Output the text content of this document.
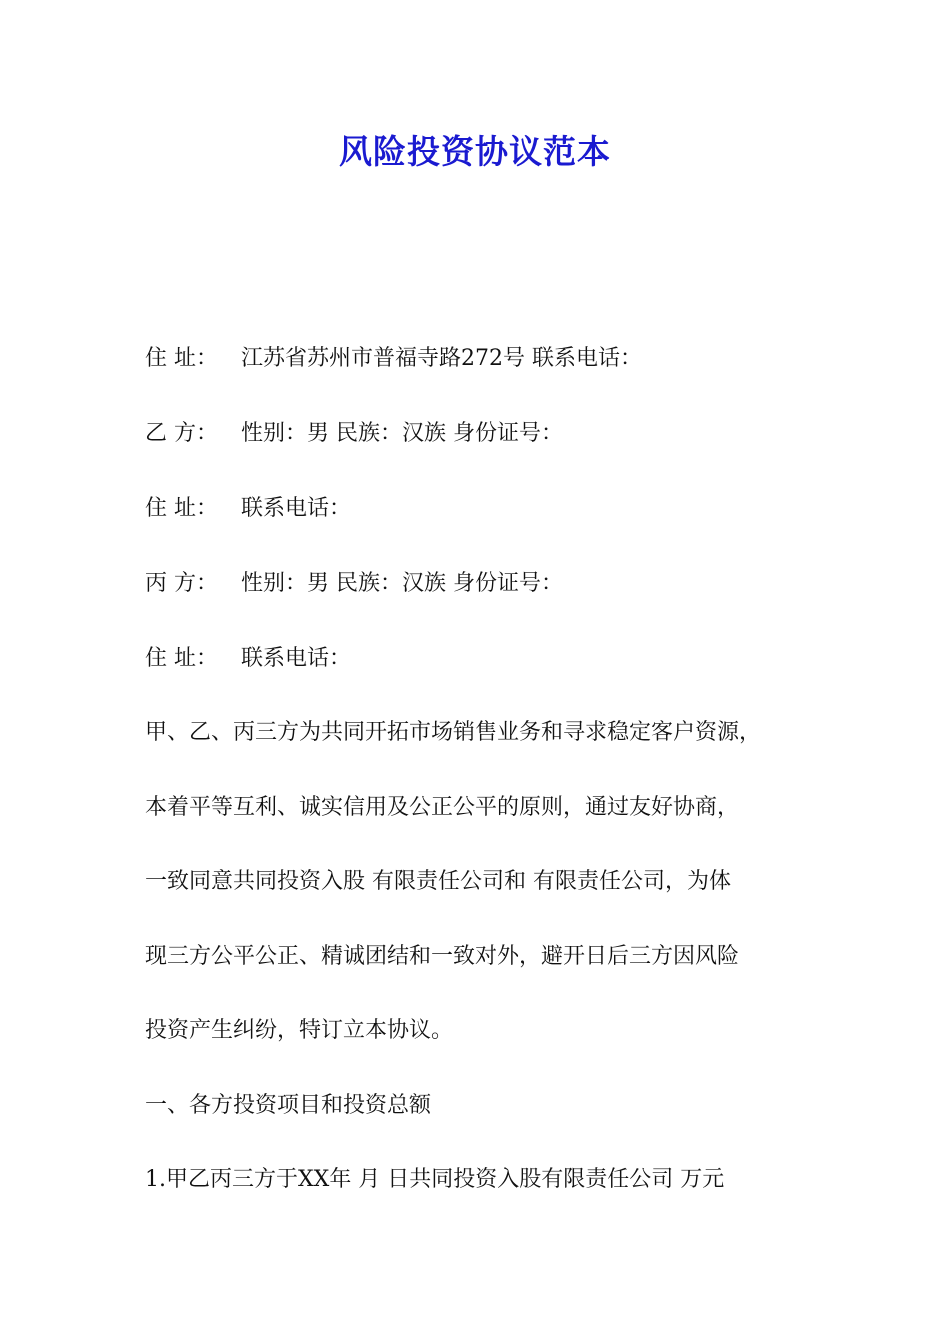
风险投资协议范本
住 址： 江苏省苏州市普福寺路272号 联系电话：
乙 方： 性别：男 民族：汉族 身份证号：
住 址： 联系电话：
丙 方： 性别：男 民族：汉族 身份证号：
住 址： 联系电话：
甲、乙、丙三方为共同开拓市场销售业务和寻求稳定客户资源，
本着平等互利、诚实信用及公正公平的原则，通过友好协商，
一致同意共同投资入股 有限责任公司和 有限责任公司，为体
现三方公平公正、精诚团结和一致对外，避开日后三方因风险
投资产生纠纷，特订立本协议。
一、各方投资项目和投资总额
1.甲乙丙三方于XX年 月 日共同投资入股有限责任公司 万元
